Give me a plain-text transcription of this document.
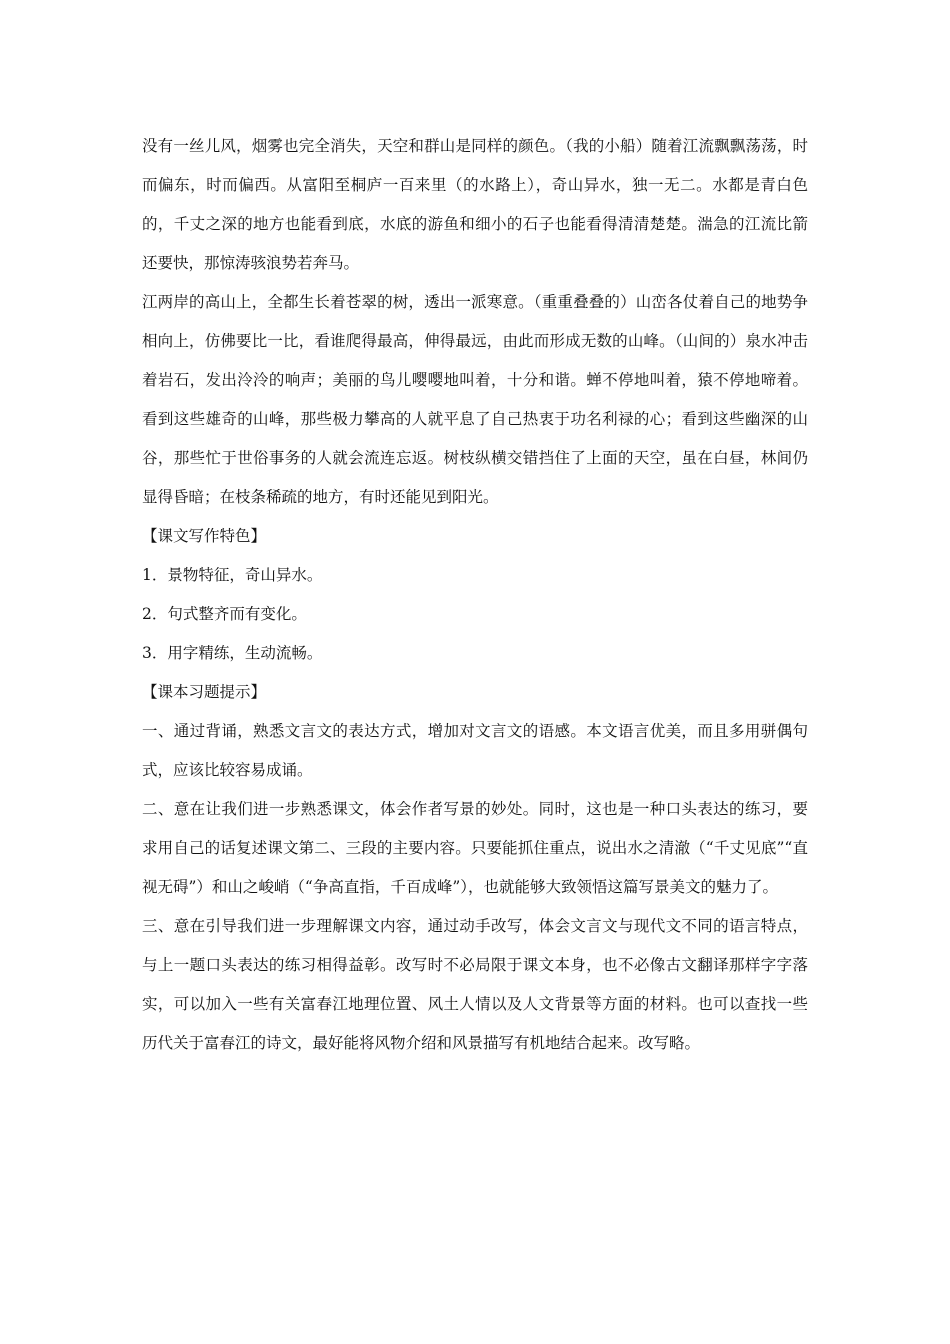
没有一丝儿风，烟雾也完全消失，天空和群山是同样的颜色。（我的小船）随着江流飘飘荡荡，时而偏东，时而偏西。从富阳至桐庐一百来里（的水路上），奇山异水，独一无二。水都是青白色的，千丈之深的地方也能看到底，水底的游鱼和细小的石子也能看得清清楚楚。湍急的江流比箭还要快，那惊涛骇浪势若奔马。

江两岸的高山上，全都生长着苍翠的树，透出一派寒意。（重重叠叠的）山峦各仗着自己的地势争相向上，仿佛要比一比，看谁爬得最高，伸得最远，由此而形成无数的山峰。（山间的）泉水冲击着岩石，发出泠泠的响声；美丽的鸟儿嘤嘤地叫着，十分和谐。蝉不停地叫着，猿不停地啼着。看到这些雄奇的山峰，那些极力攀高的人就平息了自己热衷于功名利禄的心；看到这些幽深的山谷，那些忙于世俗事务的人就会流连忘返。树枝纵横交错挡住了上面的天空，虽在白昼，林间仍显得昏暗；在枝条稀疏的地方，有时还能见到阳光。

【课文写作特色】

1．景物特征，奇山异水。

2．句式整齐而有变化。

3．用字精练，生动流畅。

【课本习题提示】

一、通过背诵，熟悉文言文的表达方式，增加对文言文的语感。本文语言优美，而且多用骈偶句式，应该比较容易成诵。

二、意在让我们进一步熟悉课文，体会作者写景的妙处。同时，这也是一种口头表达的练习，要求用自己的话复述课文第二、三段的主要内容。只要能抓住重点，说出水之清澈（“千丈见底”“直视无碍”）和山之峻峭（“争高直指，千百成峰”），也就能够大致领悟这篇写景美文的魅力了。

三、意在引导我们进一步理解课文内容，通过动手改写，体会文言文与现代文不同的语言特点，与上一题口头表达的练习相得益彰。改写时不必局限于课文本身，也不必像古文翻译那样字字落实，可以加入一些有关富春江地理位置、风土人情以及人文背景等方面的材料。也可以查找一些历代关于富春江的诗文，最好能将风物介绍和风景描写有机地结合起来。改写略。
